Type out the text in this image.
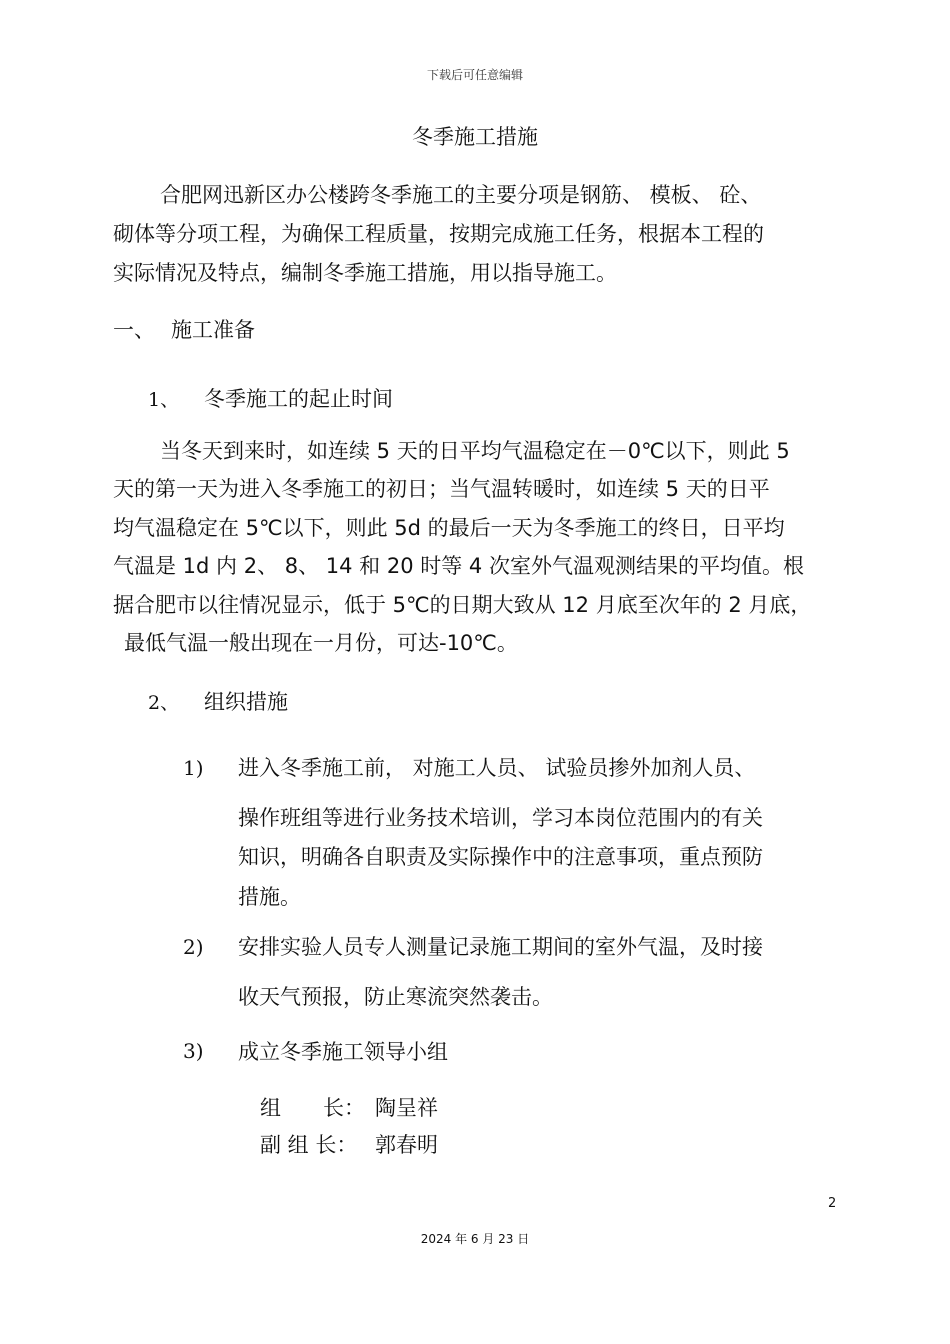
下载后可任意编辑
冬季施工措施

合肥网迅新区办公楼跨冬季施工的主要分项是钢筋、 模板、 砼、

砌体等分项工程，为确保工程质量，按期完成施工任务，根据本工程的

实际情况及特点，编制冬季施工措施，用以指导施工。

一、 施工准备
1、 冬季施工的起止时间

当冬天到来时，如连续 5 天的日平均气温稳定在－0℃以下，则此 5

天的第一天为进入冬季施工的初日；当气温转暖时，如连续 5 天的日平

均气温稳定在 5℃以下，则此 5d 的最后一天为冬季施工的终日，日平均

气温是 1d 内 2、 8、 14 和 20 时等 4 次室外气温观测结果的平均值。根

据合肥市以往情况显示，低于 5℃的日期大致从 12 月底至次年的 2 月底，

最低气温一般出现在一月份，可达-10℃。

2、 组织措施
1) 进入冬季施工前， 对施工人员、 试验员掺外加剂人员、

操作班组等进行业务技术培训，学习本岗位范围内的有关

知识，明确各自职责及实际操作中的注意事项，重点预防

措施。

2) 安排实验人员专人测量记录施工期间的室外气温，及时接

收天气预报，防止寒流突然袭击。

3) 成立冬季施工领导小组

组　　长： 陶呈祥
副 组 长： 郭春明
2
2024 年 6 月 23 日
